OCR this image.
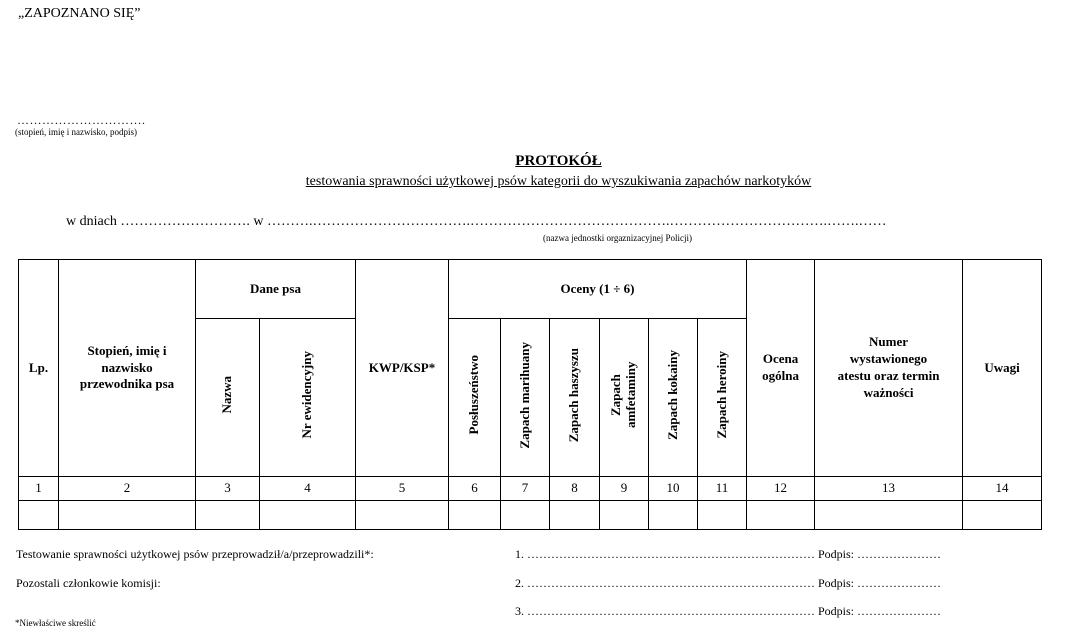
„ZAPOZNANO SIĘ”
………………………….
(stopień, imię i nazwisko, podpis)
PROTOKÓŁ
testowania sprawności użytkowej psów kategorii do wyszukiwania zapachów narkotyków
w dniach ………………………. w ……….…………………………….…………………………………….…………………………….…….……
(nazwa jednostki orgaznizacyjnej Policji)
Lp.	Stopień, imię i nazwisko przewodnika psa	Dane psa		KWP/KSP*	Oceny (1 ÷ 6)						Ocena ogólna	Numer wystawionego atestu oraz termin ważności	Uwagi
		Nazwa	Nr ewidencyjny		Posłuszeństwo	Zapach marihuany	Zapach haszyszu	Zapach amfetaminy	Zapach kokainy	Zapach heroiny			
1	2	3	4	5	6	7	8	9	10	11	12	13	14

Testowanie sprawności użytkowej psów przeprowadził/a/przeprowadzili*:
Pozostali członkowie komisji:
*Niewłaściwe skreślić
1. ……………………………………………………………… Podpis: …………………
2. ……………………………………………………………… Podpis: …………………
3. ……………………………………………………………… Podpis: …………………
